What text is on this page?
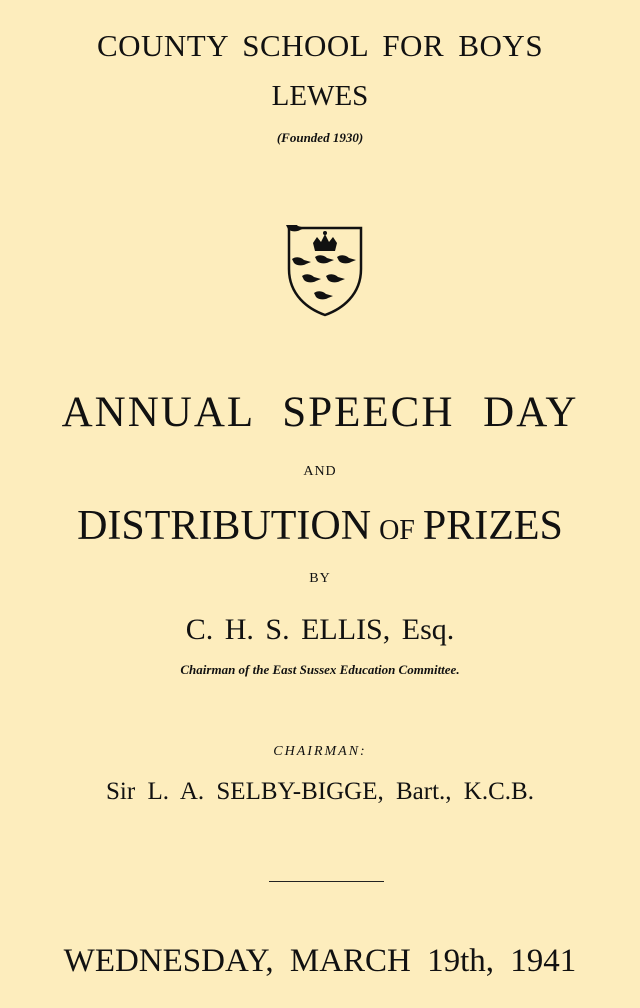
COUNTY SCHOOL FOR BOYS
LEWES
(Founded 1930)
ANNUAL SPEECH DAY
AND
DISTRIBUTION OF PRIZES
BY
C. H. S. ELLIS, Esq.
Chairman of the East Sussex Education Committee.
CHAIRMAN:
Sir L. A. SELBY-BIGGE, Bart., K.C.B.
WEDNESDAY, MARCH 19th, 1941
